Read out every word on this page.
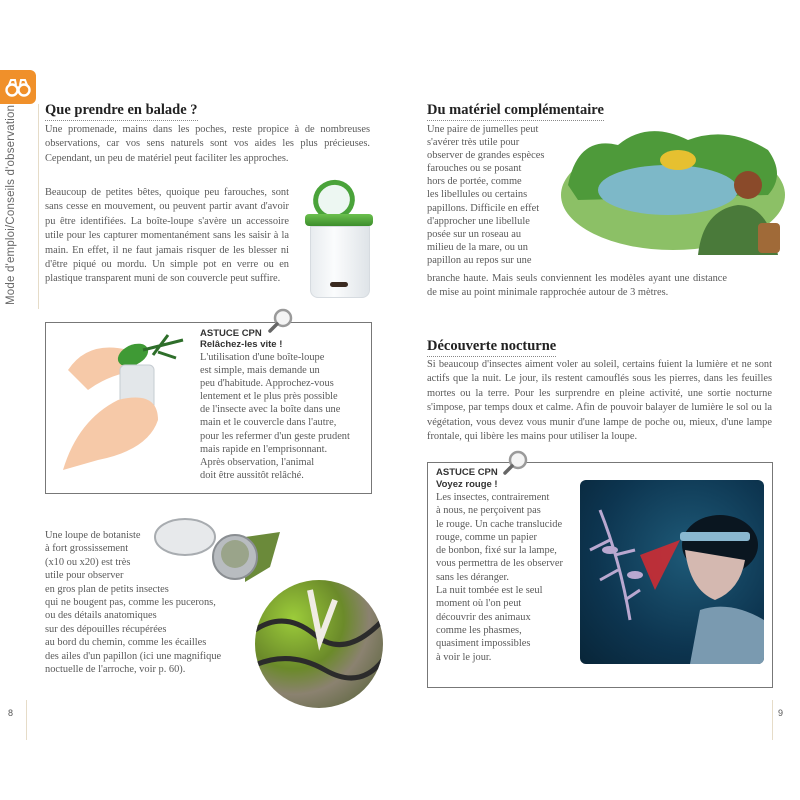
Mode d'emploi/Conseils d'observation Que prendre en balade ?
Une promenade, mains dans les poches, reste propice à de nombreuses observations, car vos sens naturels sont vos aides les plus précieuses. Cependant, un peu de matériel peut faciliter les approches.
Beaucoup de petites bêtes, quoique peu farouches, sont sans cesse en mouvement, ou peuvent partir avant d'avoir pu être identifiées. La boîte-loupe s'avère un accessoire utile pour les capturer momentanément sans les saisir à la main. En effet, il ne faut jamais risquer de les blesser ni d'être piqué ou mordu. Un simple pot en verre ou en plastique transparent muni de son couvercle peut suffire.
ASTUCE CPN
Relâchez-les vite !
L'utilisation d'une boîte-loupe
est simple, mais demande un
peu d'habitude. Approchez-vous
lentement et le plus près possible
de l'insecte avec la boîte dans une
main et le couvercle dans l'autre,
pour les refermer d'un geste prudent
mais rapide en l'emprisonnant.
Après observation, l'animal
doit être aussitôt relâché.
Une loupe de botaniste
à fort grossissement
(x10 ou x20) est très
utile pour observer
en gros plan de petits insectes
qui ne bougent pas, comme les pucerons,
ou des détails anatomiques
sur des dépouilles récupérées
au bord du chemin, comme les écailles
des ailes d'un papillon (ici une magnifique
noctuelle de l'arroche, voir p. 60).
8
Du matériel complémentaire
Une paire de jumelles peut
s'avérer très utile pour
observer de grandes espèces
farouches ou se posant
hors de portée, comme
les libellules ou certains
papillons. Difficile en effet
d'approcher une libellule
posée sur un roseau au
milieu de la mare, ou un
papillon au repos sur une
branche haute. Mais seuls conviennent les modèles ayant une distance de mise au point minimale rapprochée autour de 3 mètres.
Découverte nocturne
Si beaucoup d'insectes aiment voler au soleil, certains fuient la lumière et ne sont actifs que la nuit. Le jour, ils restent camouflés sous les pierres, dans les feuilles mortes ou la terre. Pour les surprendre en pleine activité, une sortie nocturne s'impose, par temps doux et calme. Afin de pouvoir balayer de lumière le sol ou la végétation, vous devez vous munir d'une lampe de poche ou, mieux, d'une lampe frontale, qui libère les mains pour utiliser la loupe.
ASTUCE CPN
Voyez rouge !
Les insectes, contrairement
à nous, ne perçoivent pas
le rouge. Un cache translucide
rouge, comme un papier
de bonbon, fixé sur la lampe,
vous permettra de les observer
sans les déranger.
La nuit tombée est le seul
moment où l'on peut
découvrir des animaux
comme les phasmes,
quasiment impossibles
à voir le jour.
9
